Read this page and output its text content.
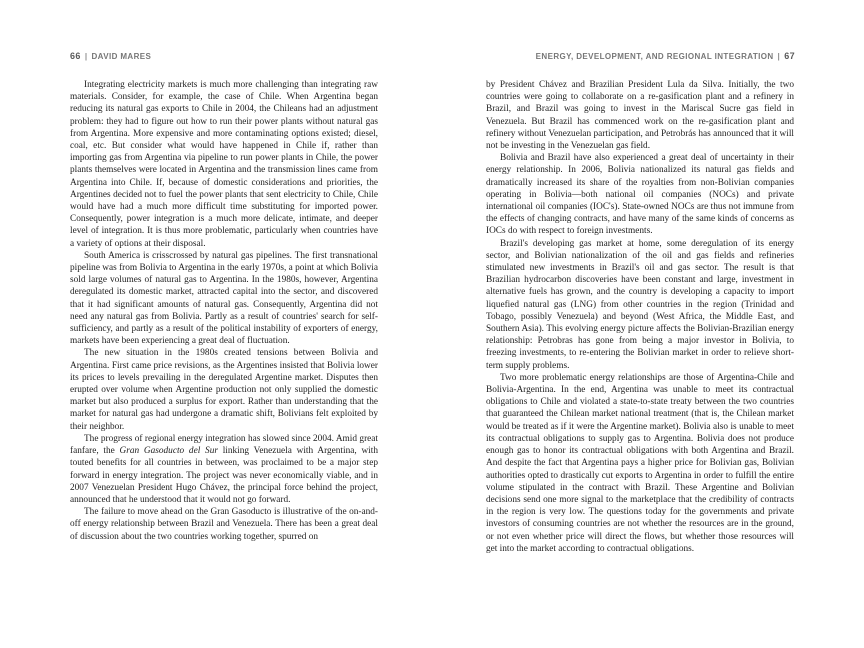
66 | DAVID MARES

Integrating electricity markets is much more challenging than integrating raw materials. Consider, for example, the case of Chile. When Argentina began reducing its natural gas exports to Chile in 2004, the Chileans had an adjustment problem: they had to figure out how to run their power plants without natural gas from Argentina. More expensive and more contaminating options existed; diesel, coal, etc. But consider what would have happened in Chile if, rather than importing gas from Argentina via pipeline to run power plants in Chile, the power plants themselves were located in Argentina and the transmission lines came from Argentina into Chile. If, because of domestic considerations and priorities, the Argentines decided not to fuel the power plants that sent electricity to Chile, Chile would have had a much more difficult time substituting for imported power. Consequently, power integration is a much more delicate, intimate, and deeper level of integration. It is thus more problematic, particularly when countries have a variety of options at their disposal.

South America is crisscrossed by natural gas pipelines. The first transnational pipeline was from Bolivia to Argentina in the early 1970s, a point at which Bolivia sold large volumes of natural gas to Argentina. In the 1980s, however, Argentina deregulated its domestic market, attracted capital into the sector, and discovered that it had significant amounts of natural gas. Consequently, Argentina did not need any natural gas from Bolivia. Partly as a result of countries' search for self-sufficiency, and partly as a result of the political instability of exporters of energy, markets have been experiencing a great deal of fluctuation.

The new situation in the 1980s created tensions between Bolivia and Argentina. First came price revisions, as the Argentines insisted that Bolivia lower its prices to levels prevailing in the deregulated Argentine market. Disputes then erupted over volume when Argentine production not only supplied the domestic market but also produced a surplus for export. Rather than understanding that the market for natural gas had undergone a dramatic shift, Bolivians felt exploited by their neighbor.

The progress of regional energy integration has slowed since 2004. Amid great fanfare, the Gran Gasoducto del Sur linking Venezuela with Argentina, with touted benefits for all countries in between, was proclaimed to be a major step forward in energy integration. The project was never economically viable, and in 2007 Venezuelan President Hugo Chávez, the principal force behind the project, announced that he understood that it would not go forward.

The failure to move ahead on the Gran Gasoducto is illustrative of the on-and-off energy relationship between Brazil and Venezuela. There has been a great deal of discussion about the two countries working together, spurred on

ENERGY, DEVELOPMENT, AND REGIONAL INTEGRATION | 67

by President Chávez and Brazilian President Lula da Silva. Initially, the two countries were going to collaborate on a re-gasification plant and a refinery in Brazil, and Brazil was going to invest in the Mariscal Sucre gas field in Venezuela. But Brazil has commenced work on the re-gasification plant and refinery without Venezuelan participation, and Petrobrás has announced that it will not be investing in the Venezuelan gas field.

Bolivia and Brazil have also experienced a great deal of uncertainty in their energy relationship. In 2006, Bolivia nationalized its natural gas fields and dramatically increased its share of the royalties from non-Bolivian companies operating in Bolivia—both national oil companies (NOCs) and private international oil companies (IOC's). State-owned NOCs are thus not immune from the effects of changing contracts, and have many of the same kinds of concerns as IOCs do with respect to foreign investments.

Brazil's developing gas market at home, some deregulation of its energy sector, and Bolivian nationalization of the oil and gas fields and refineries stimulated new investments in Brazil's oil and gas sector. The result is that Brazilian hydrocarbon discoveries have been constant and large, investment in alternative fuels has grown, and the country is developing a capacity to import liquefied natural gas (LNG) from other countries in the region (Trinidad and Tobago, possibly Venezuela) and beyond (West Africa, the Middle East, and Southern Asia). This evolving energy picture affects the Bolivian-Brazilian energy relationship: Petrobras has gone from being a major investor in Bolivia, to freezing investments, to re-entering the Bolivian market in order to relieve short-term supply problems.

Two more problematic energy relationships are those of Argentina-Chile and Bolivia-Argentina. In the end, Argentina was unable to meet its contractual obligations to Chile and violated a state-to-state treaty between the two countries that guaranteed the Chilean market national treatment (that is, the Chilean market would be treated as if it were the Argentine market). Bolivia also is unable to meet its contractual obligations to supply gas to Argentina. Bolivia does not produce enough gas to honor its contractual obligations with both Argentina and Brazil. And despite the fact that Argentina pays a higher price for Bolivian gas, Bolivian authorities opted to drastically cut exports to Argentina in order to fulfill the entire volume stipulated in the contract with Brazil. These Argentine and Bolivian decisions send one more signal to the marketplace that the credibility of contracts in the region is very low. The questions today for the governments and private investors of consuming countries are not whether the resources are in the ground, or not even whether price will direct the flows, but whether those resources will get into the market according to contractual obligations.
